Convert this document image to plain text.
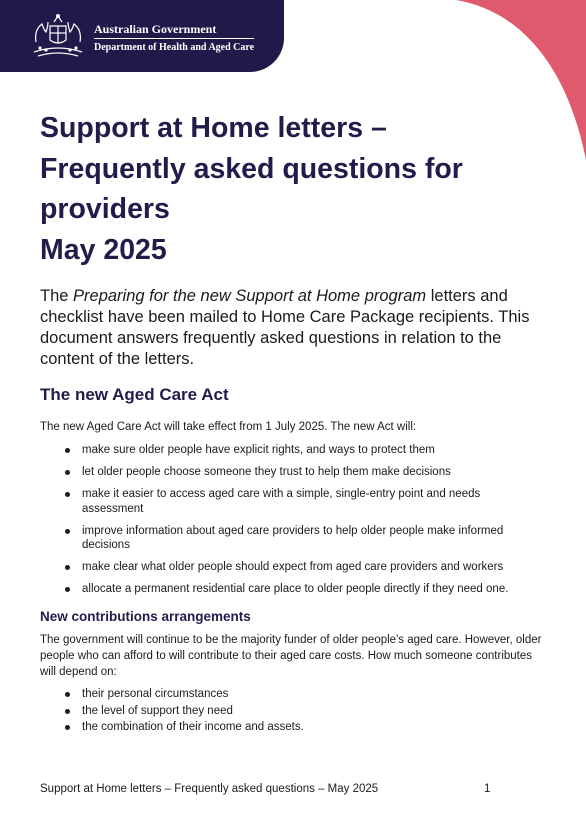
Australian Government
Department of Health and Aged Care
Support at Home letters –
Frequently asked questions for
providers
May 2025

The Preparing for the new Support at Home program letters and checklist have been mailed to Home Care Package recipients. This document answers frequently asked questions in relation to the content of the letters.

The new Aged Care Act

The new Aged Care Act will take effect from 1 July 2025. The new Act will:

make sure older people have explicit rights, and ways to protect them
let older people choose someone they trust to help them make decisions
make it easier to access aged care with a simple, single-entry point and needs assessment
improve information about aged care providers to help older people make informed decisions
make clear what older people should expect from aged care providers and workers
allocate a permanent residential care place to older people directly if they need one.
New contributions arrangements

The government will continue to be the majority funder of older people's aged care. However, older people who can afford to will contribute to their aged care costs. How much someone contributes will depend on:

their personal circumstances
the level of support they need
the combination of their income and assets.

Support at Home letters – Frequently asked questions – May 2025	1
